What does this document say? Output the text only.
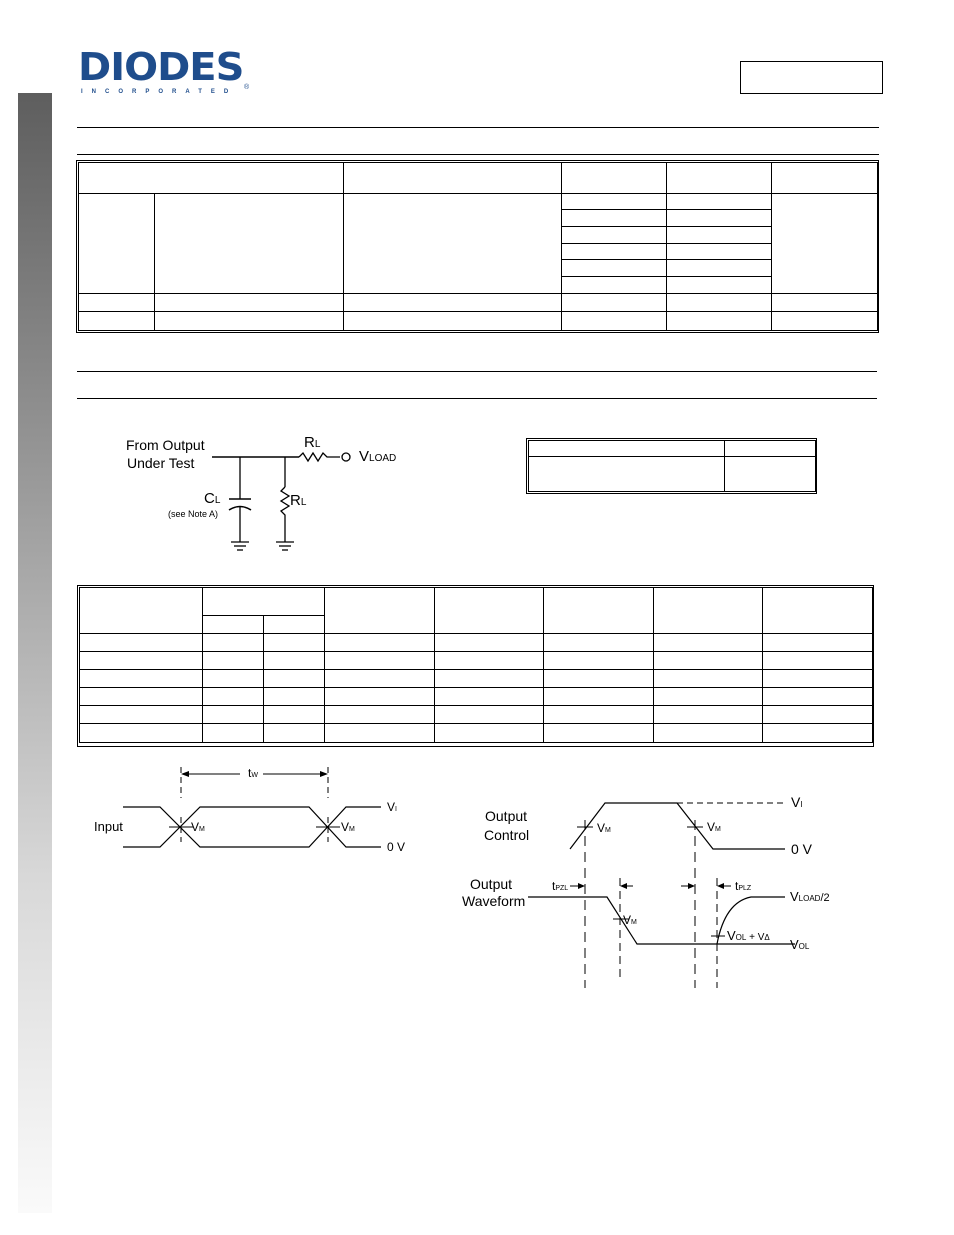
DIODES
INCORPORATED
®

From Output
Under Test
RL
VLOAD
CL
(see Note A)
RL

tW
Input	VM	VM
VI
0 V
Output
Control
Output
Waveform
VI
0 V
VM	VM
VM
tPZL	tPLZ
VLOAD/2
VOL + VΔ VOL
